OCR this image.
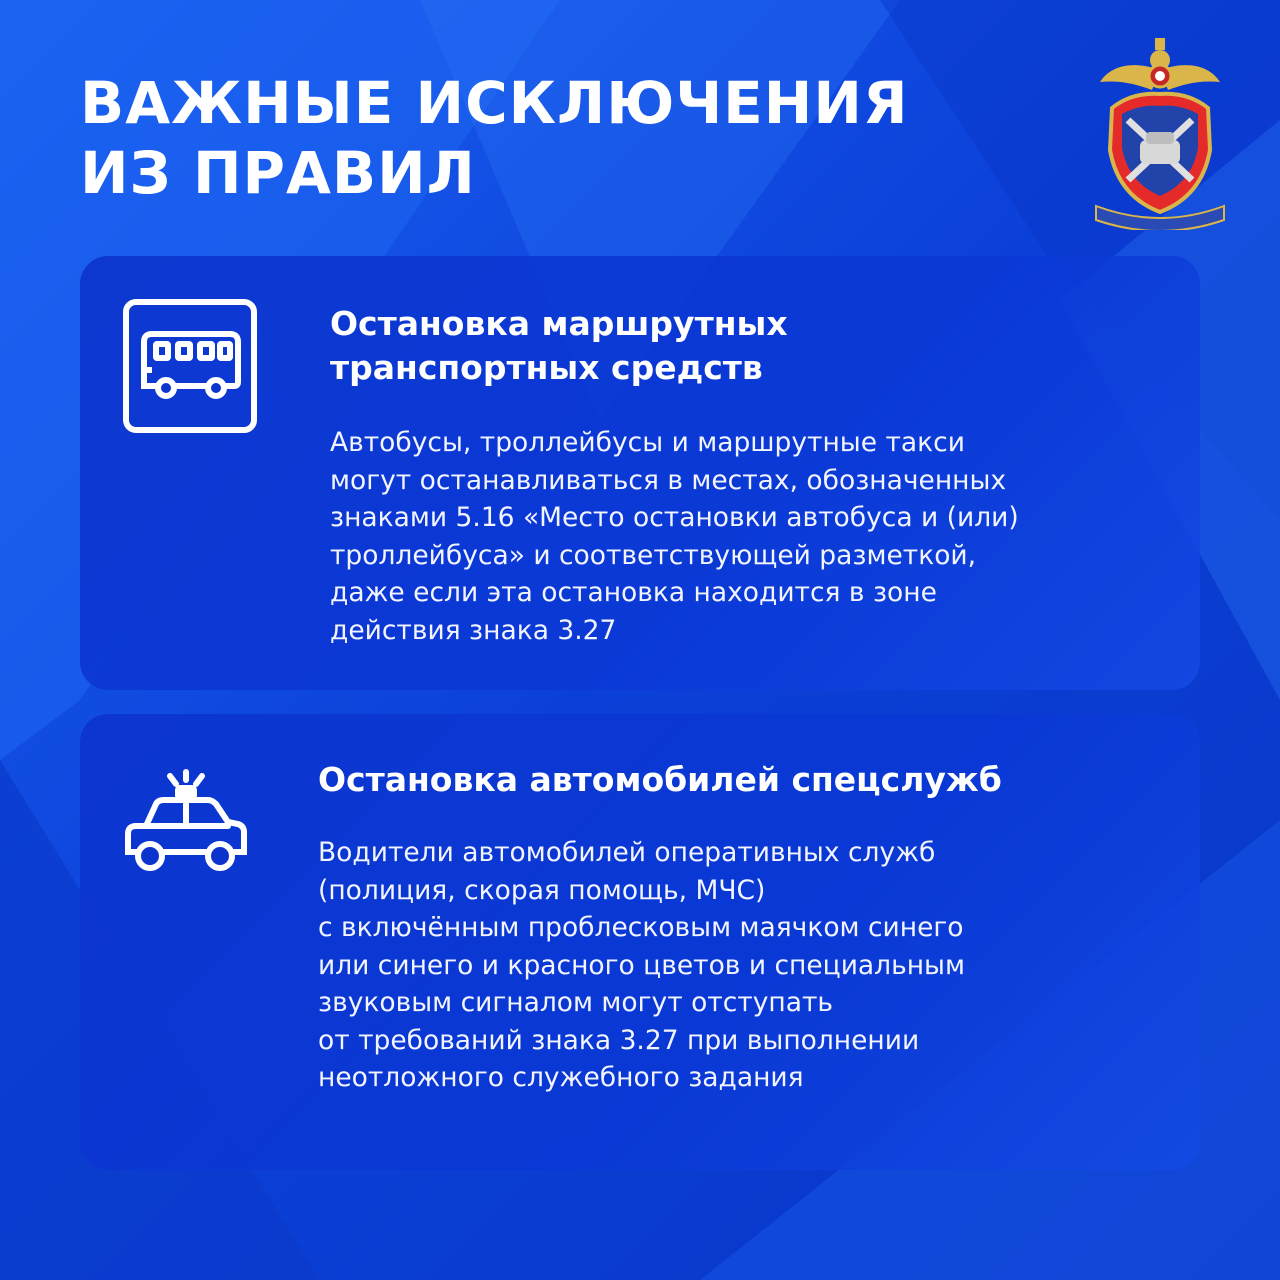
ВАЖНЫЕ ИСКЛЮЧЕНИЯ
ИЗ ПРАВИЛ
Остановка маршрутных
транспортных средств

Автобусы, троллейбусы и маршрутные такси
могут останавливаться в местах, обозначенных
знаками 5.16 «Место остановки автобуса и (или)
троллейбуса» и соответствующей разметкой,
даже если эта остановка находится в зоне
действия знака 3.27

Остановка автомобилей спецслужб

Водители автомобилей оперативных служб
(полиция, скорая помощь, МЧС)
с включённым проблесковым маячком синего
или синего и красного цветов и специальным
звуковым сигналом могут отступать
от требований знака 3.27 при выполнении
неотложного служебного задания
